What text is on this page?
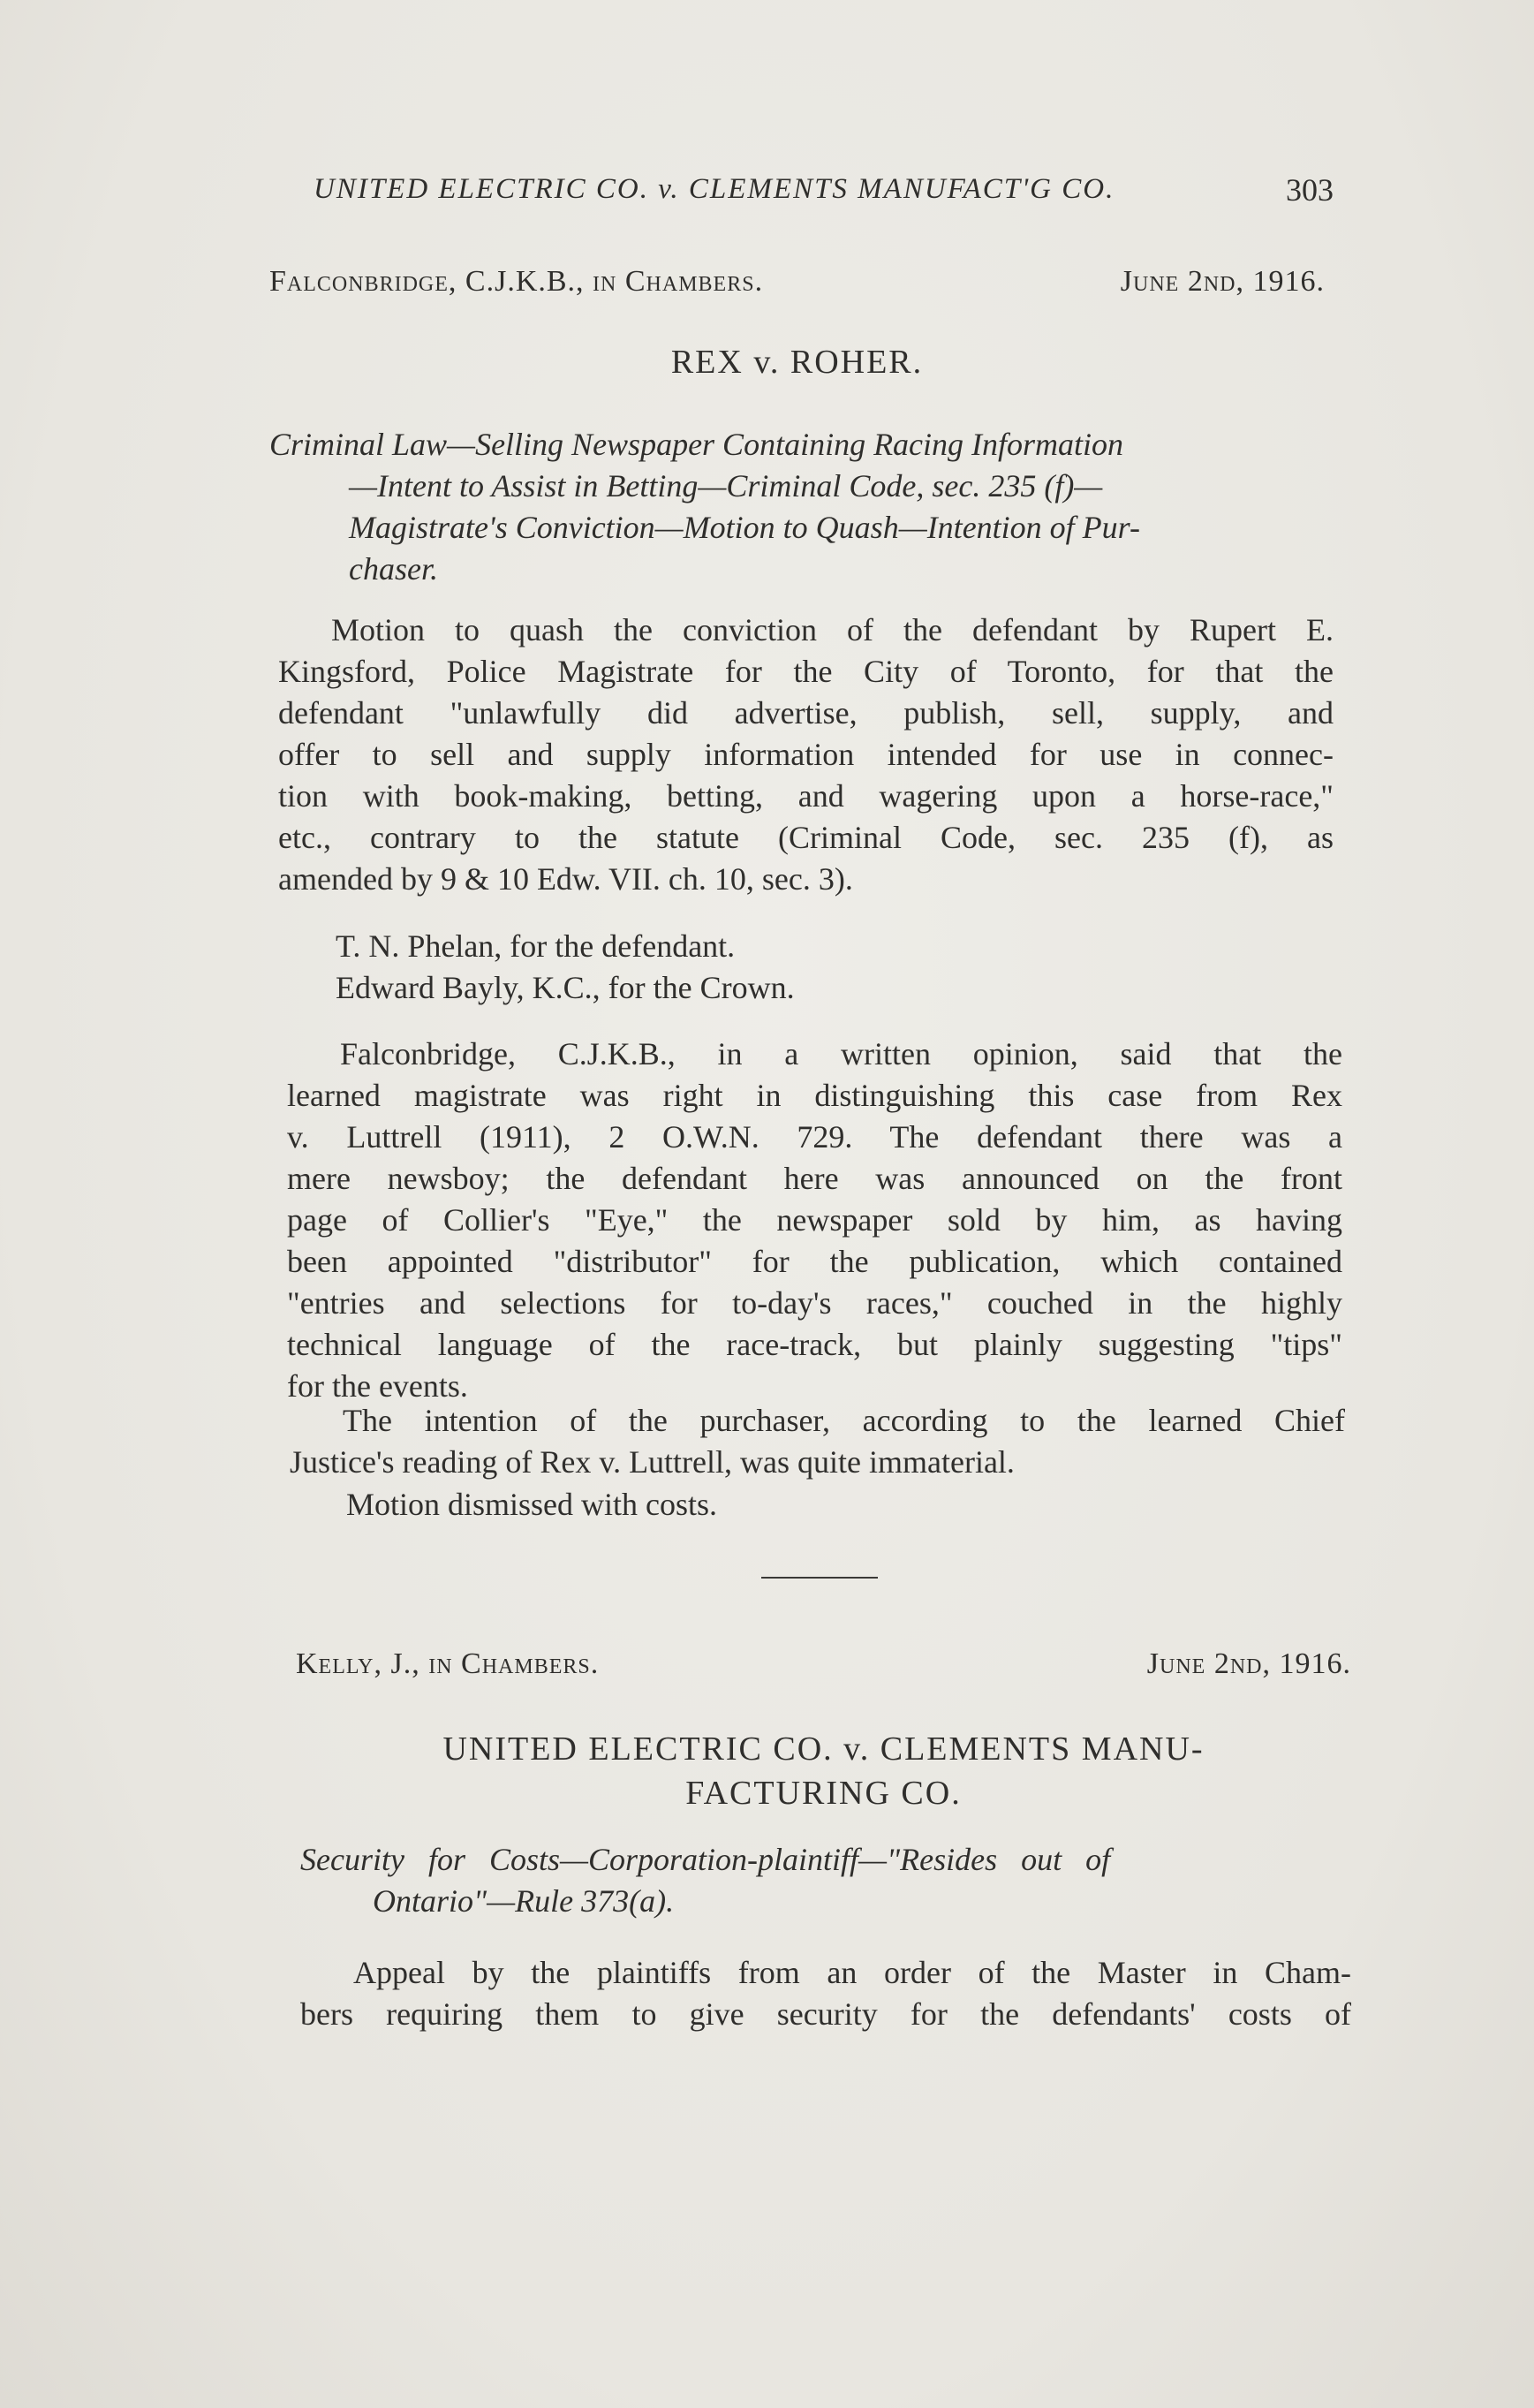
UNITED ELECTRIC CO. v. CLEMENTS MANUFACT'G CO.	303
Falconbridge, C.J.K.B., in Chambers.	June 2nd, 1916.
REX v. ROHER.
Criminal Law—Selling Newspaper Containing Racing Information
—Intent to Assist in Betting—Criminal Code, sec. 235 (f)—
Magistrate's Conviction—Motion to Quash—Intention of Pur-
chaser.
Motion to quash the conviction of the defendant by Rupert E.
Kingsford, Police Magistrate for the City of Toronto, for that the
defendant "unlawfully did advertise, publish, sell, supply, and
offer to sell and supply information intended for use in connec-
tion with book-making, betting, and wagering upon a horse-race,"
etc., contrary to the statute (Criminal Code, sec. 235 (f), as
amended by 9 & 10 Edw. VII. ch. 10, sec. 3).
T. N. Phelan, for the defendant.
Edward Bayly, K.C., for the Crown.
Falconbridge, C.J.K.B., in a written opinion, said that the
learned magistrate was right in distinguishing this case from Rex
v. Luttrell (1911), 2 O.W.N. 729. The defendant there was a
mere newsboy; the defendant here was announced on the front
page of Collier's "Eye," the newspaper sold by him, as having
been appointed "distributor" for the publication, which contained
"entries and selections for to-day's races," couched in the highly
technical language of the race-track, but plainly suggesting "tips"
for the events.
The intention of the purchaser, according to the learned Chief
Justice's reading of Rex v. Luttrell, was quite immaterial.
Motion dismissed with costs.
Kelly, J., in Chambers.	June 2nd, 1916.
UNITED ELECTRIC CO. v. CLEMENTS MANU-
FACTURING CO.
Security for Costs—Corporation-plaintiff—"Resides out of
Ontario"—Rule 373(a).
Appeal by the plaintiffs from an order of the Master in Cham-
bers requiring them to give security for the defendants' costs of
